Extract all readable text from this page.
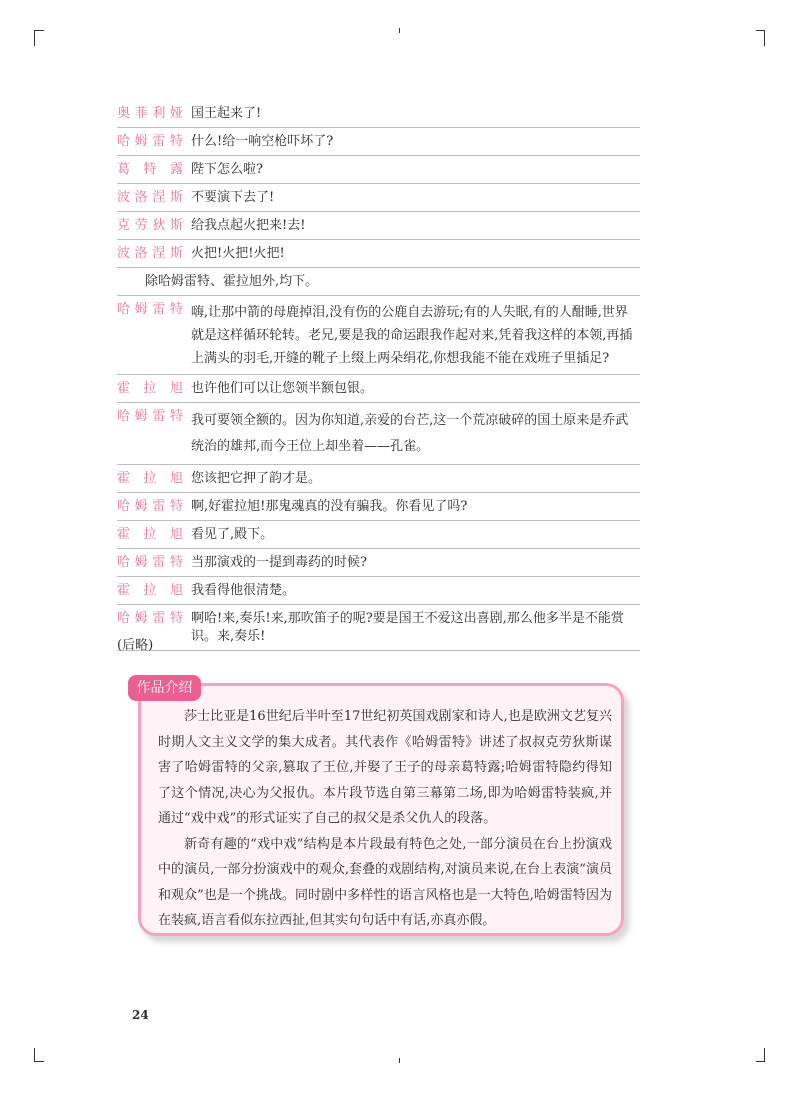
奥菲利娅 国王起来了!
哈姆雷特 什么!给一响空枪吓坏了?
葛特露 陛下怎么啦?
波洛涅斯 不要演下去了!
克劳狄斯 给我点起火把来!去!
波洛涅斯 火把!火把!火把!
除哈姆雷特、霍拉旭外,均下。
哈姆雷特 嗨,让那中箭的母鹿掉泪,没有伤的公鹿自去游玩;有的人失眠,有的人酣睡,世界就是这样循环轮转。老兄,要是我的命运跟我作起对来,凭着我这样的本领,再插上满头的羽毛,开缝的靴子上缀上两朵绢花,你想我能不能在戏班子里插足?
霍拉旭 也许他们可以让您领半额包银。
哈姆雷特 我可要领全额的。因为你知道,亲爱的台芒,这一个荒凉破碎的国土原来是乔武统治的雄邦,而今王位上却坐着——孔雀。
霍拉旭 您该把它押了韵才是。
哈姆雷特 啊,好霍拉旭!那鬼魂真的没有骗我。你看见了吗?
霍拉旭 看见了,殿下。
哈姆雷特 当那演戏的一提到毒药的时候?
霍拉旭 我看得他很清楚。
哈姆雷特 啊哈!来,奏乐!来,那吹笛子的呢?要是国王不爱这出喜剧,那么他多半是不能赏识。来,奏乐!
(后略)
作品介绍

莎士比亚是16世纪后半叶至17世纪初英国戏剧家和诗人,也是欧洲文艺复兴时期人文主义文学的集大成者。其代表作《哈姆雷特》讲述了叔叔克劳狄斯谋害了哈姆雷特的父亲,篡取了王位,并娶了王子的母亲葛特露;哈姆雷特隐约得知了这个情况,决心为父报仇。本片段节选自第三幕第二场,即为哈姆雷特装疯,并通过“戏中戏”的形式证实了自己的叔父是杀父仇人的段落。

新奇有趣的“戏中戏”结构是本片段最有特色之处,一部分演员在台上扮演戏中的演员,一部分扮演戏中的观众,套叠的戏剧结构,对演员来说,在台上表演“演员和观众”也是一个挑战。同时剧中多样性的语言风格也是一大特色,哈姆雷特因为在装疯,语言看似东拉西扯,但其实句句话中有话,亦真亦假。

24
